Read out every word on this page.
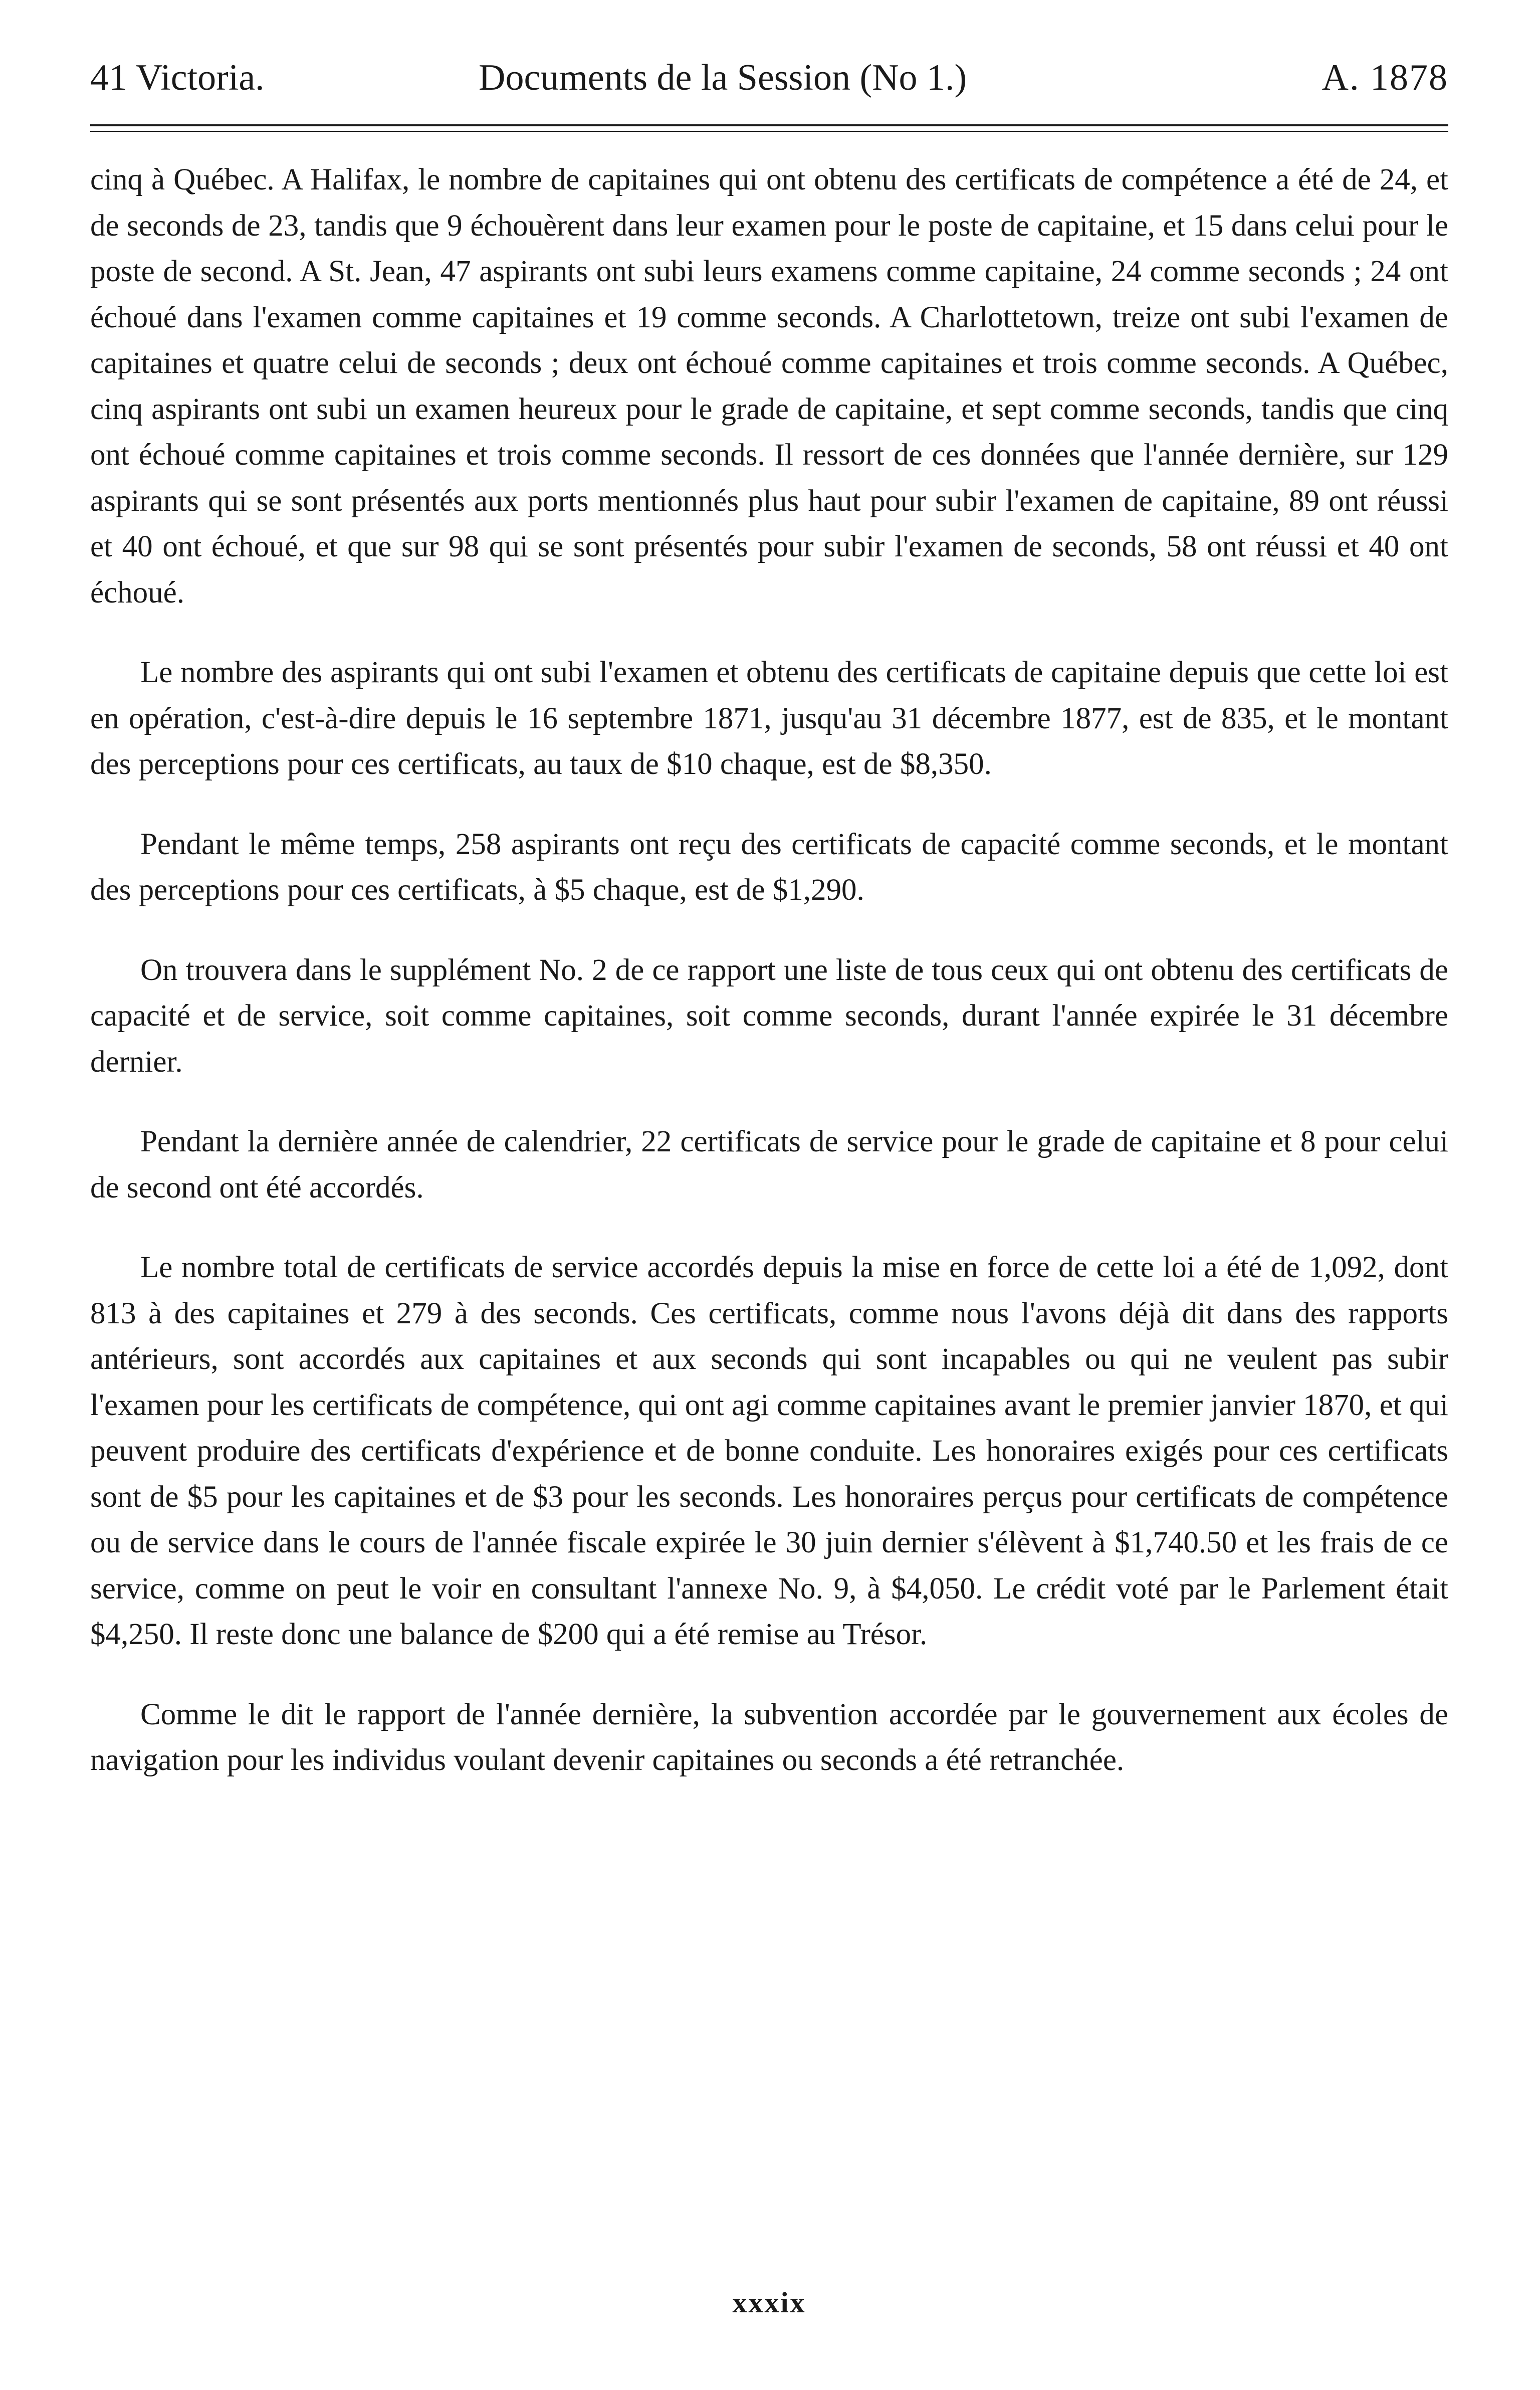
41 Victoria.	Documents de la Session (No 1.)	A. 1878

cinq à Québec. A Halifax, le nombre de capitaines qui ont obtenu des certificats de compétence a été de 24, et de seconds de 23, tandis que 9 échouèrent dans leur examen pour le poste de capitaine, et 15 dans celui pour le poste de second. A St. Jean, 47 aspirants ont subi leurs examens comme capitaine, 24 comme seconds ; 24 ont échoué dans l'examen comme capitaines et 19 comme seconds. A Charlottetown, treize ont subi l'examen de capitaines et quatre celui de seconds ; deux ont échoué comme capitaines et trois comme seconds. A Québec, cinq aspirants ont subi un examen heureux pour le grade de capitaine, et sept comme seconds, tandis que cinq ont échoué comme capitaines et trois comme seconds. Il ressort de ces données que l'année dernière, sur 129 aspirants qui se sont présentés aux ports mentionnés plus haut pour subir l'examen de capitaine, 89 ont réussi et 40 ont échoué, et que sur 98 qui se sont présentés pour subir l'examen de seconds, 58 ont réussi et 40 ont échoué.

Le nombre des aspirants qui ont subi l'examen et obtenu des certificats de capitaine depuis que cette loi est en opération, c'est-à-dire depuis le 16 septembre 1871, jusqu'au 31 décembre 1877, est de 835, et le montant des perceptions pour ces certificats, au taux de $10 chaque, est de $8,350.

Pendant le même temps, 258 aspirants ont reçu des certificats de capacité comme seconds, et le montant des perceptions pour ces certificats, à $5 chaque, est de $1,290.

On trouvera dans le supplément No. 2 de ce rapport une liste de tous ceux qui ont obtenu des certificats de capacité et de service, soit comme capitaines, soit comme seconds, durant l'année expirée le 31 décembre dernier.

Pendant la dernière année de calendrier, 22 certificats de service pour le grade de capitaine et 8 pour celui de second ont été accordés.

Le nombre total de certificats de service accordés depuis la mise en force de cette loi a été de 1,092, dont 813 à des capitaines et 279 à des seconds. Ces certificats, comme nous l'avons déjà dit dans des rapports antérieurs, sont accordés aux capitaines et aux seconds qui sont incapables ou qui ne veulent pas subir l'examen pour les certificats de compétence, qui ont agi comme capitaines avant le premier janvier 1870, et qui peuvent produire des certificats d'expérience et de bonne conduite. Les honoraires exigés pour ces certificats sont de $5 pour les capitaines et de $3 pour les seconds. Les honoraires perçus pour certificats de compétence ou de service dans le cours de l'année fiscale expirée le 30 juin dernier s'élèvent à $1,740.50 et les frais de ce service, comme on peut le voir en consultant l'annexe No. 9, à $4,050. Le crédit voté par le Parlement était $4,250. Il reste donc une balance de $200 qui a été remise au Trésor.

Comme le dit le rapport de l'année dernière, la subvention accordée par le gouvernement aux écoles de navigation pour les individus voulant devenir capitaines ou seconds a été retranchée.

xxxix
